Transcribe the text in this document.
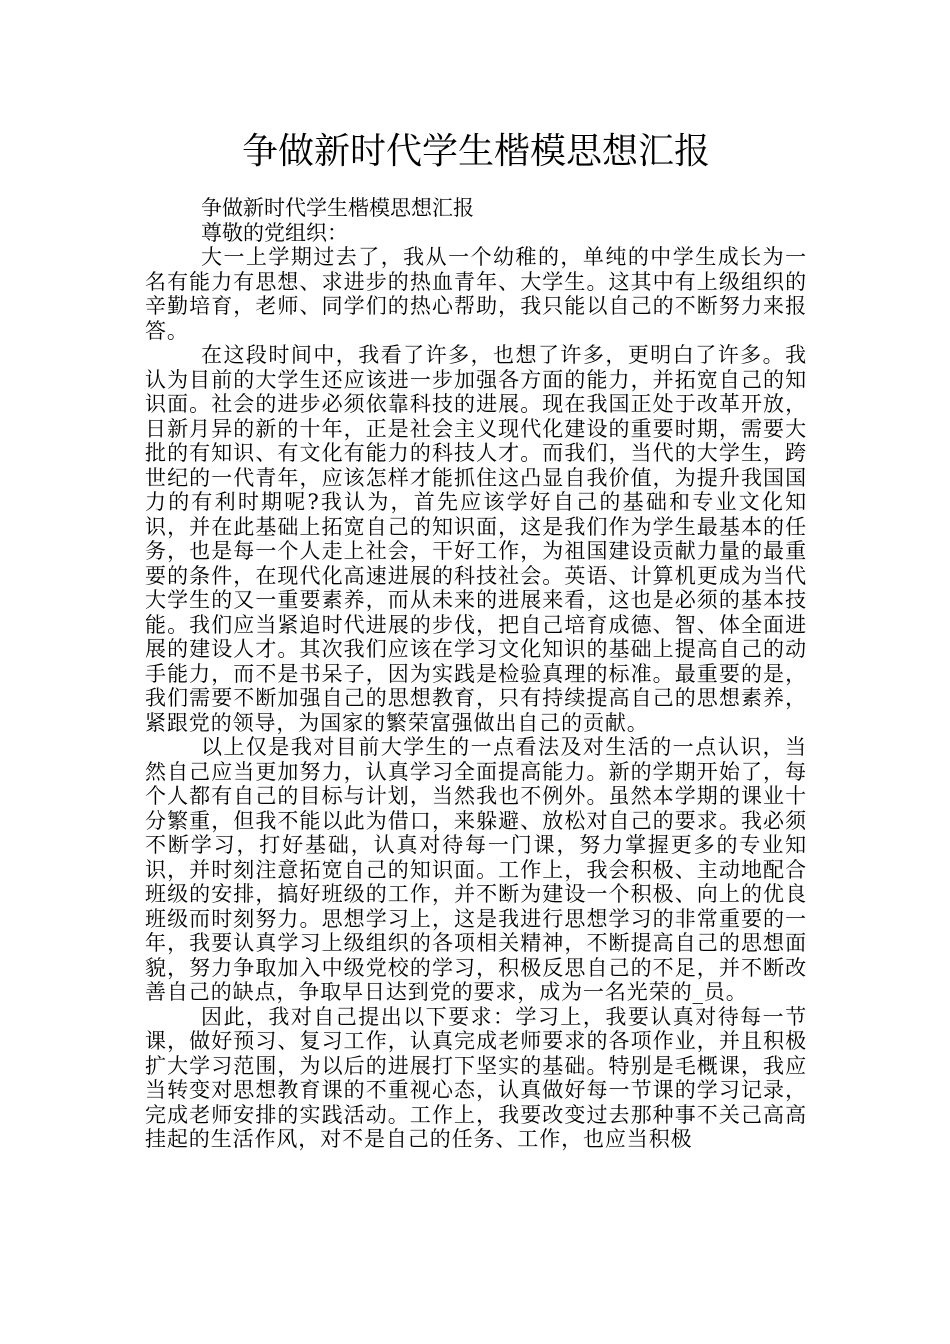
争做新时代学生楷模思想汇报

争做新时代学生楷模思想汇报

尊敬的党组织：

大一上学期过去了，我从一个幼稚的，单纯的中学生成长为一名有能力有思想、求进步的热血青年、大学生。这其中有上级组织的辛勤培育，老师、同学们的热心帮助，我只能以自己的不断努力来报答。

在这段时间中，我看了许多，也想了许多，更明白了许多。我认为目前的大学生还应该进一步加强各方面的能力，并拓宽自己的知识面。社会的进步必须依靠科技的进展。现在我国正处于改革开放，日新月异的新的十年，正是社会主义现代化建设的重要时期，需要大批的有知识、有文化有能力的科技人才。而我们，当代的大学生，跨世纪的一代青年，应该怎样才能抓住这凸显自我价值，为提升我国国力的有利时期呢?我认为，首先应该学好自己的基础和专业文化知识，并在此基础上拓宽自己的知识面，这是我们作为学生最基本的任务，也是每一个人走上社会，干好工作，为祖国建设贡献力量的最重要的条件，在现代化高速进展的科技社会。英语、计算机更成为当代大学生的又一重要素养，而从未来的进展来看，这也是必须的基本技能。我们应当紧追时代进展的步伐，把自己培育成德、智、体全面进展的建设人才。其次我们应该在学习文化知识的基础上提高自己的动手能力，而不是书呆子，因为实践是检验真理的标准。最重要的是，我们需要不断加强自己的思想教育，只有持续提高自己的思想素养，紧跟党的领导，为国家的繁荣富强做出自己的贡献。

以上仅是我对目前大学生的一点看法及对生活的一点认识，当然自己应当更加努力，认真学习全面提高能力。新的学期开始了，每个人都有自己的目标与计划，当然我也不例外。虽然本学期的课业十分繁重，但我不能以此为借口，来躲避、放松对自己的要求。我必须不断学习，打好基础，认真对待每一门课，努力掌握更多的专业知识，并时刻注意拓宽自己的知识面。工作上，我会积极、主动地配合班级的安排，搞好班级的工作，并不断为建设一个积极、向上的优良班级而时刻努力。思想学习上，这是我进行思想学习的非常重要的一年，我要认真学习上级组织的各项相关精神，不断提高自己的思想面貌，努力争取加入中级党校的学习，积极反思自己的不足，并不断改善自己的缺点，争取早日达到党的要求，成为一名光荣的_员。

因此，我对自己提出以下要求：学习上，我要认真对待每一节课，做好预习、复习工作，认真完成老师要求的各项作业，并且积极扩大学习范围，为以后的进展打下坚实的基础。特别是毛概课，我应当转变对思想教育课的不重视心态，认真做好每一节课的学习记录，完成老师安排的实践活动。工作上，我要改变过去那种事不关己高高挂起的生活作风，对不是自己的任务、工作，也应当积极
